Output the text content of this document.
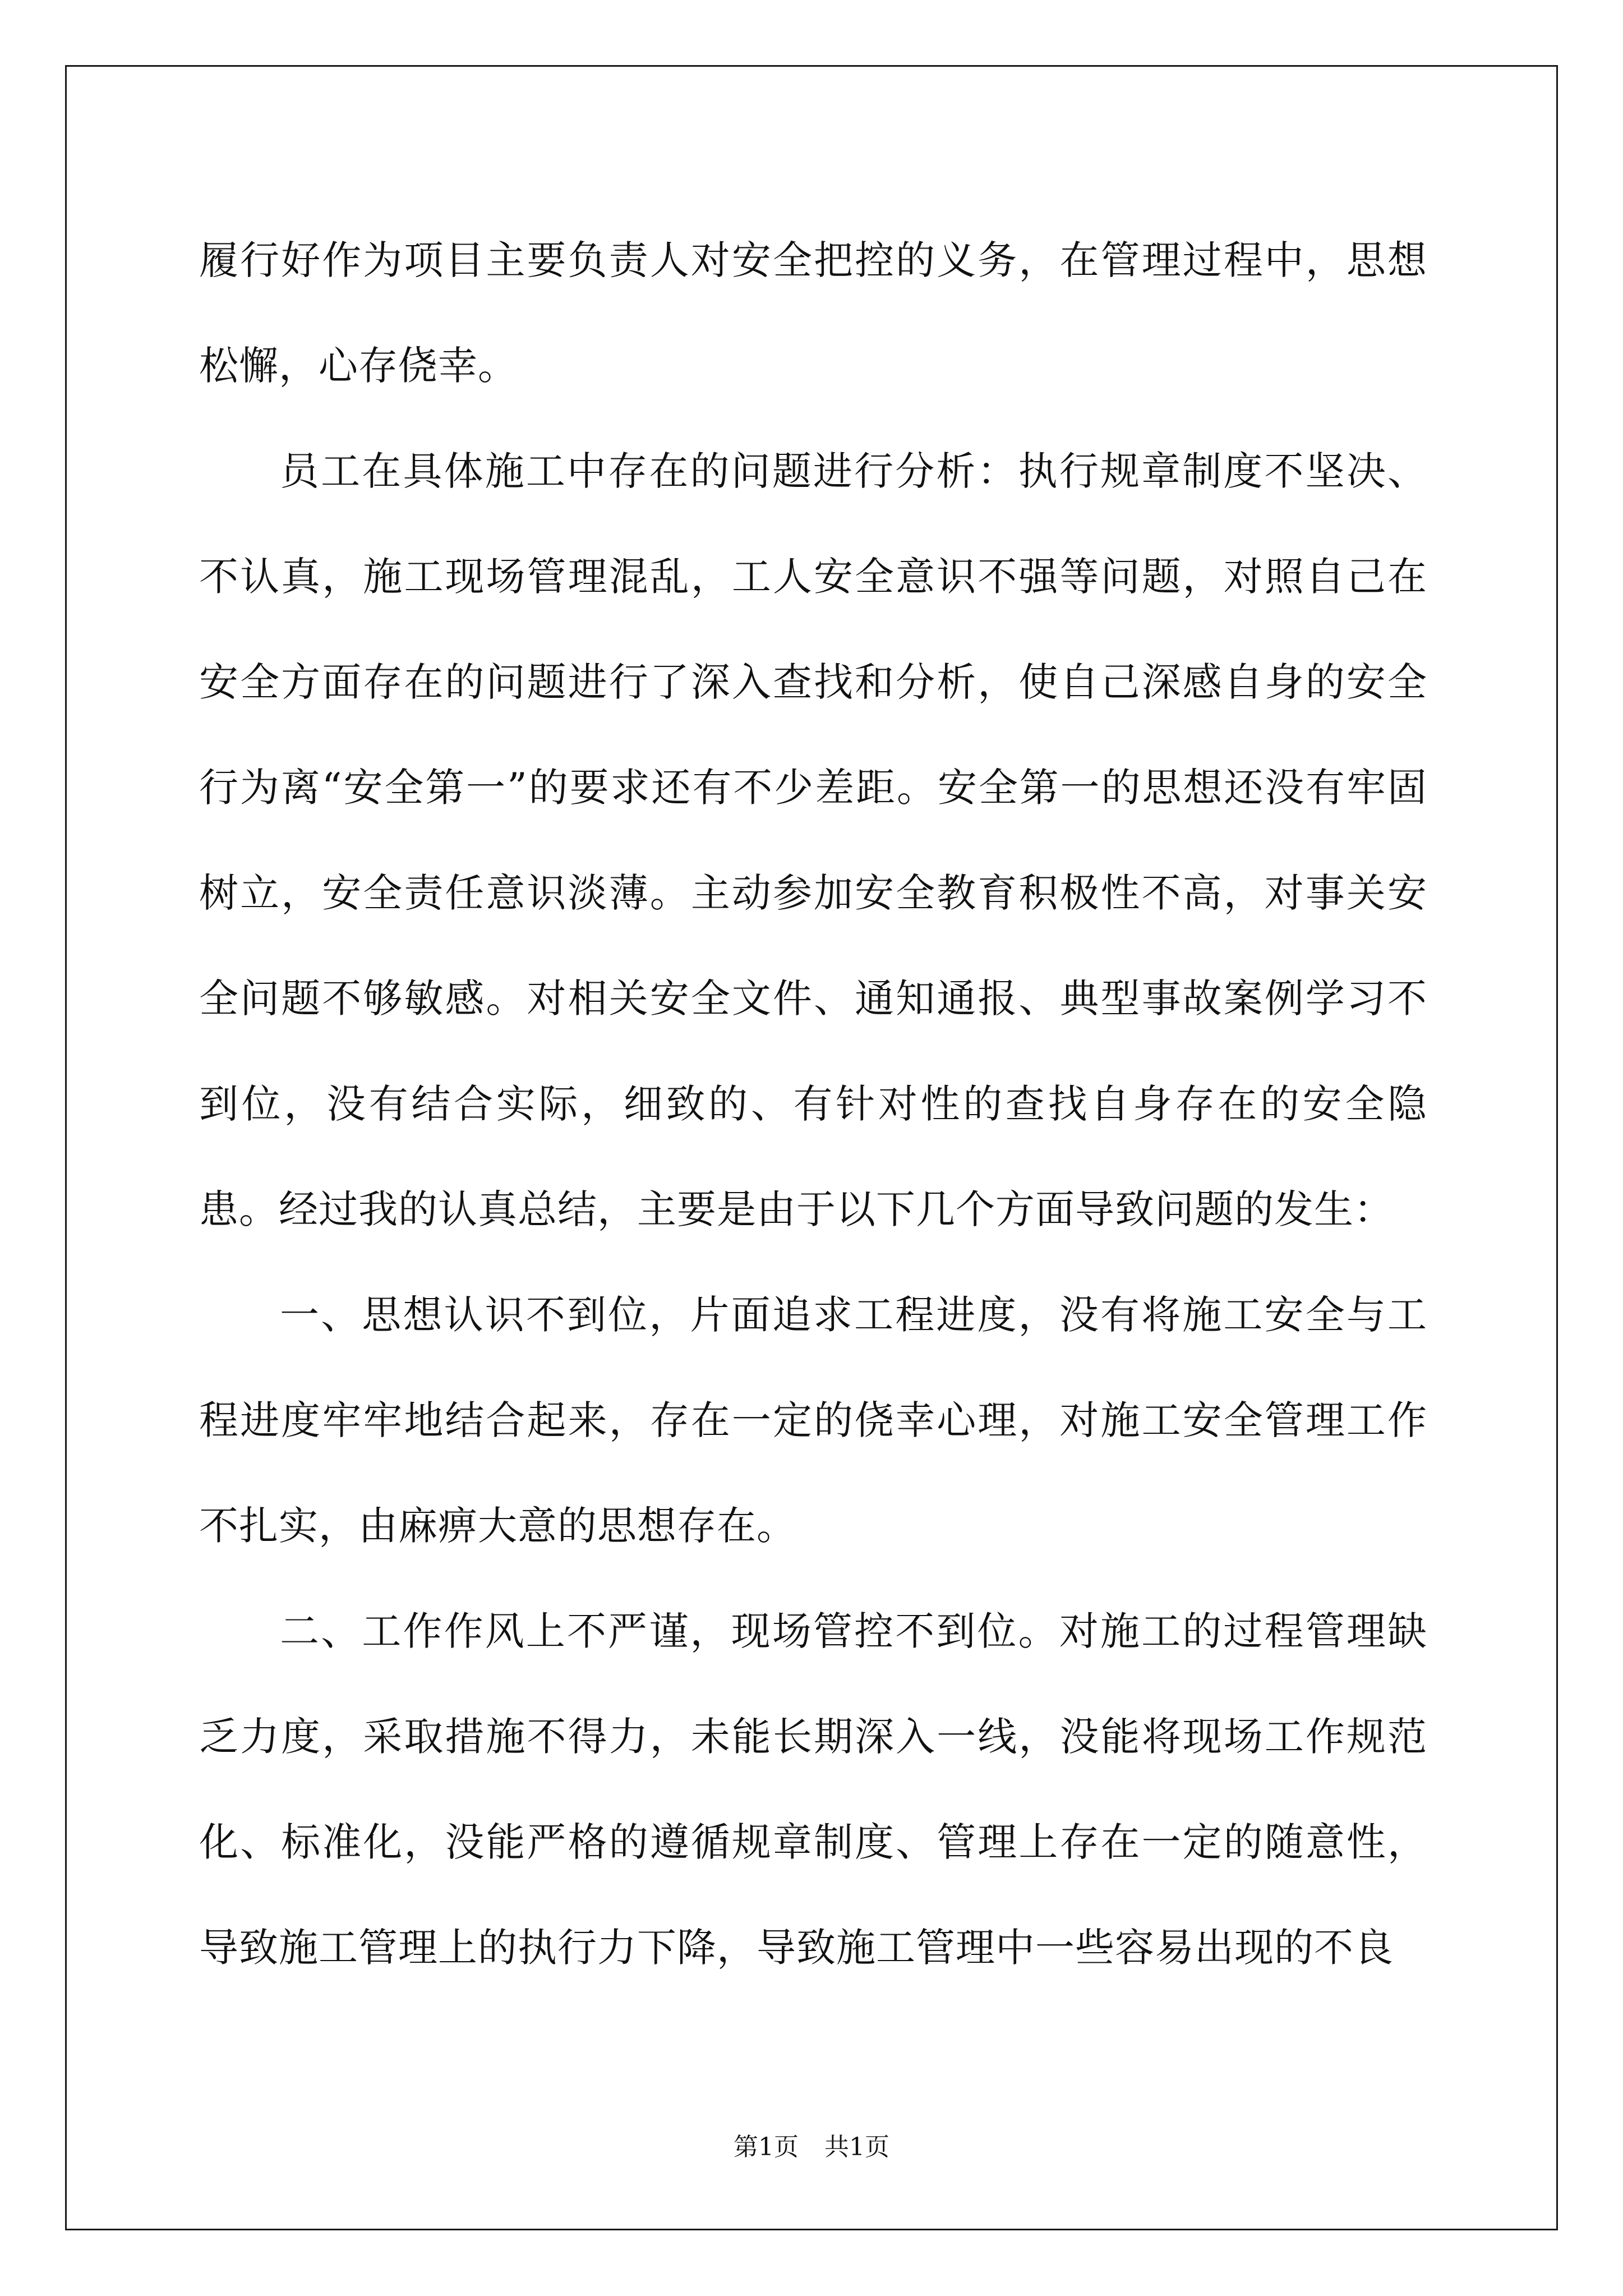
履行好作为项目主要负责人对安全把控的义务，在管理过程中，思想松懈，心存侥幸。

员工在具体施工中存在的问题进行分析：执行规章制度不坚决、不认真，施工现场管理混乱，工人安全意识不强等问题，对照自己在安全方面存在的问题进行了深入查找和分析，使自己深感自身的安全行为离“安全第一”的要求还有不少差距。安全第一的思想还没有牢固树立，安全责任意识淡薄。主动参加安全教育积极性不高，对事关安全问题不够敏感。对相关安全文件、通知通报、典型事故案例学习不到位，没有结合实际，细致的、有针对性的查找自身存在的安全隐患。经过我的认真总结，主要是由于以下几个方面导致问题的发生：

一、思想认识不到位，片面追求工程进度，没有将施工安全与工程进度牢牢地结合起来，存在一定的侥幸心理，对施工安全管理工作不扎实，由麻痹大意的思想存在。

二、工作作风上不严谨，现场管控不到位。对施工的过程管理缺乏力度，采取措施不得力，未能长期深入一线，没能将现场工作规范化、标准化，没能严格的遵循规章制度、管理上存在一定的随意性，导致施工管理上的执行力下降，导致施工管理中一些容易出现的不良

第1页 共1页
